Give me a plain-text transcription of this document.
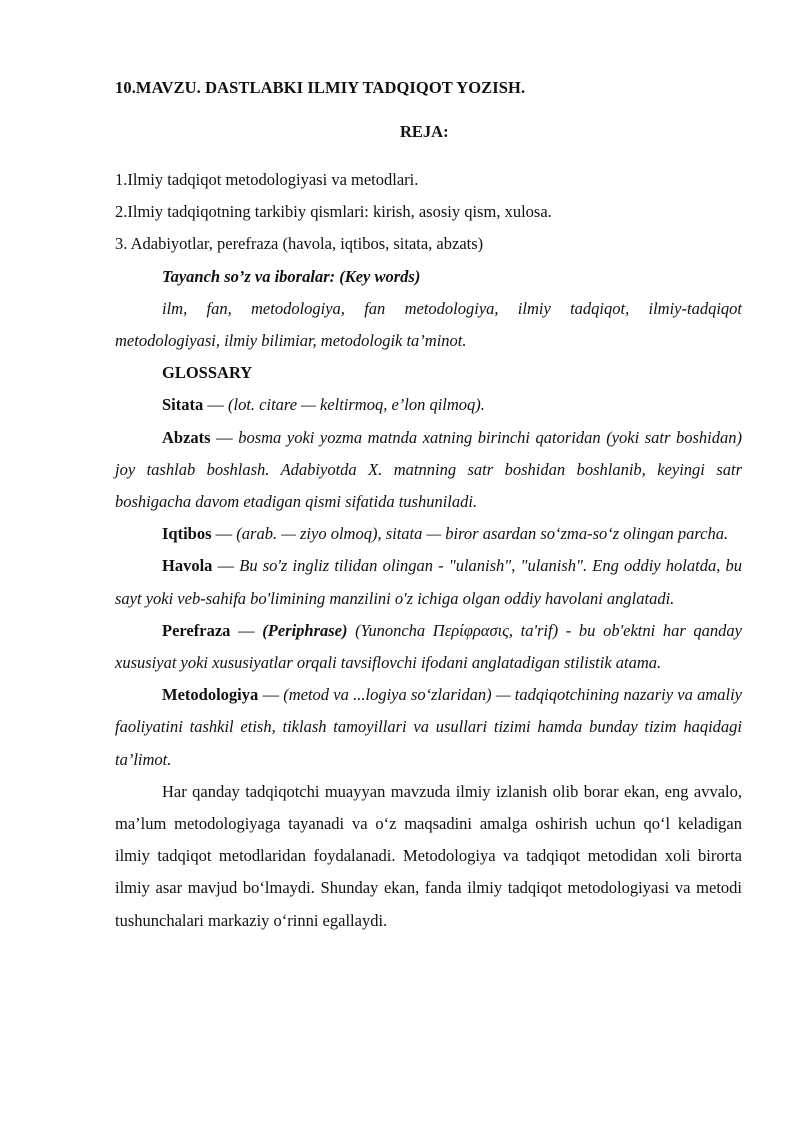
10.MAVZU. DASTLABKI ILMIY TADQIQOT YOZISH.
REJA:

1.Ilmiy tadqiqot metodologiyasi va metodlari.

2.Ilmiy tadqiqotning tarkibiy qismlari: kirish, asosiy qism, xulosa.

3. Adabiyotlar, perefraza (havola, iqtibos, sitata, abzats)

Tayanch so’z va iboralar: (Key words)

ilm, fan, metodologiya, fan metodologiya, ilmiy tadqiqot, ilmiy-tadqiqot metodologiyasi, ilmiy bilimiar, metodologik ta’minot.

GLOSSARY

Sitata — (lot. citare — keltirmoq, e’lon qilmoq).

Abzats — bosma yoki yozma matnda xatning birinchi qatoridan (yoki satr boshidan) joy tashlab boshlash. Adabiyotda X. matnning satr boshidan boshlanib, keyingi satr boshigacha davom etadigan qismi sifatida tushuniladi.

Iqtibos — (arab. — ziyo olmoq), sitata — biror asardan so‘zma-so‘z olingan parcha.

Havola — Bu so'z ingliz tilidan olingan - "ulanish", "ulanish". Eng oddiy holatda, bu sayt yoki veb-sahifa bo'limining manzilini o'z ichiga olgan oddiy havolani anglatadi.

Perefraza — (Periphrase) (Yunoncha Περίφρασις, ta'rif) - bu ob'ektni har qanday xususiyat yoki xususiyatlar orqali tavsiflovchi ifodani anglatadigan stilistik atama.

Metodologiya — (metod va ...logiya so‘zlaridan) — tadqiqotchining nazariy va amaliy faoliyatini tashkil etish, tiklash tamoyillari va usullari tizimi hamda bunday tizim haqidagi ta’limot.

Har qanday tadqiqotchi muayyan mavzuda ilmiy izlanish olib borar ekan, eng avvalo, ma’lum metodologiyaga tayanadi va o‘z maqsadini amalga oshirish uchun qo‘l keladigan ilmiy tadqiqot metodlaridan foydalanadi. Metodologiya va tadqiqot metodidan xoli birorta ilmiy asar mavjud bo‘lmaydi. Shunday ekan, fanda ilmiy tadqiqot metodologiyasi va metodi tushunchalari markaziy o‘rinni egallaydi.
